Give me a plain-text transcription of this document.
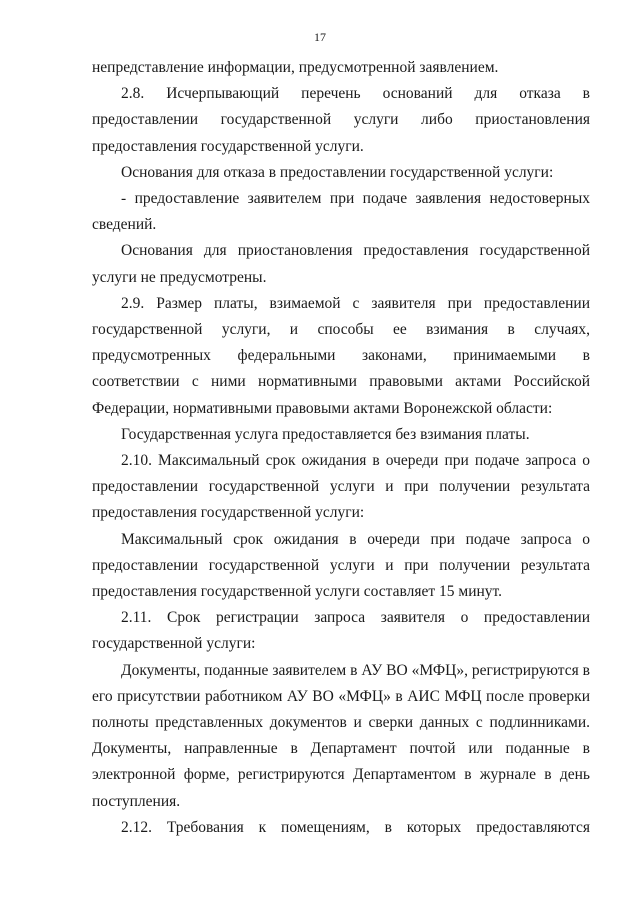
17

непредставление информации, предусмотренной заявлением.

2.8. Исчерпывающий перечень оснований для отказа в предоставлении государственной услуги либо приостановления предоставления государственной услуги.

Основания для отказа в предоставлении государственной услуги:

- предоставление заявителем при подаче заявления недостоверных сведений.

Основания для приостановления предоставления государственной услуги не предусмотрены.

2.9. Размер платы, взимаемой с заявителя при предоставлении государственной услуги, и способы ее взимания в случаях, предусмотренных федеральными законами, принимаемыми в соответствии с ними нормативными правовыми актами Российской Федерации, нормативными правовыми актами Воронежской области:

Государственная услуга предоставляется без взимания платы.

2.10. Максимальный срок ожидания в очереди при подаче запроса о предоставлении государственной услуги и при получении результата предоставления государственной услуги:

Максимальный срок ожидания в очереди при подаче запроса о предоставлении государственной услуги и при получении результата предоставления государственной услуги составляет 15 минут.

2.11. Срок регистрации запроса заявителя о предоставлении государственной услуги:

Документы, поданные заявителем в АУ ВО «МФЦ», регистрируются в его присутствии работником АУ ВО «МФЦ» в АИС МФЦ после проверки полноты представленных документов и сверки данных с подлинниками. Документы, направленные в Департамент почтой или поданные в электронной форме, регистрируются Департаментом в журнале в день поступления.

2.12. Требования к помещениям, в которых предоставляются
